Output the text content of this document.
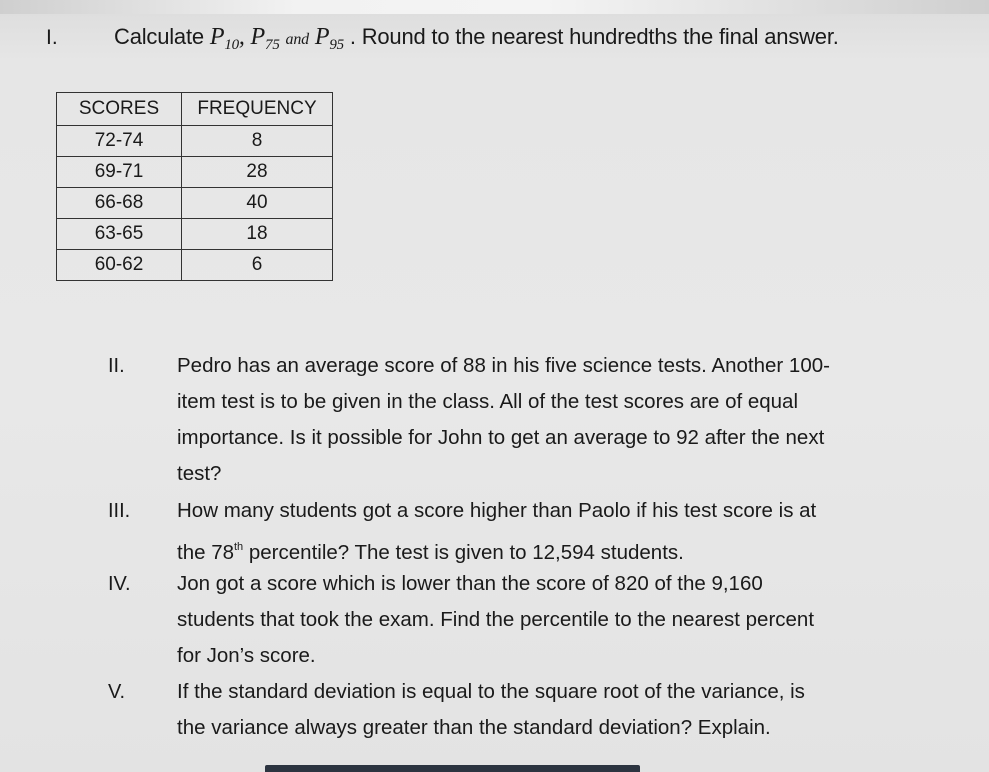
I.	Calculate $P_{10}$, $P_{75}$ and $P_{95}$ . Round to the nearest hundredths the final answer.
SCORES	FREQUENCY
72-74	8
69-71	28
66-68	40
63-65	18
60-62	6
II.	Pedro has an average score of 88 in his five science tests. Another 100-
item test is to be given in the class. All of the test scores are of equal
importance. Is it possible for John to get an average to 92 after the next
test?
III. How many students got a score higher than Paolo if his test score is at
the 78th percentile? The test is given to 12,594 students.
IV. Jon got a score which is lower than the score of 820 of the 9,160
students that took the exam. Find the percentile to the nearest percent
for Jon’s score.
V.	If the standard deviation is equal to the square root of the variance, is
the variance always greater than the standard deviation? Explain.
